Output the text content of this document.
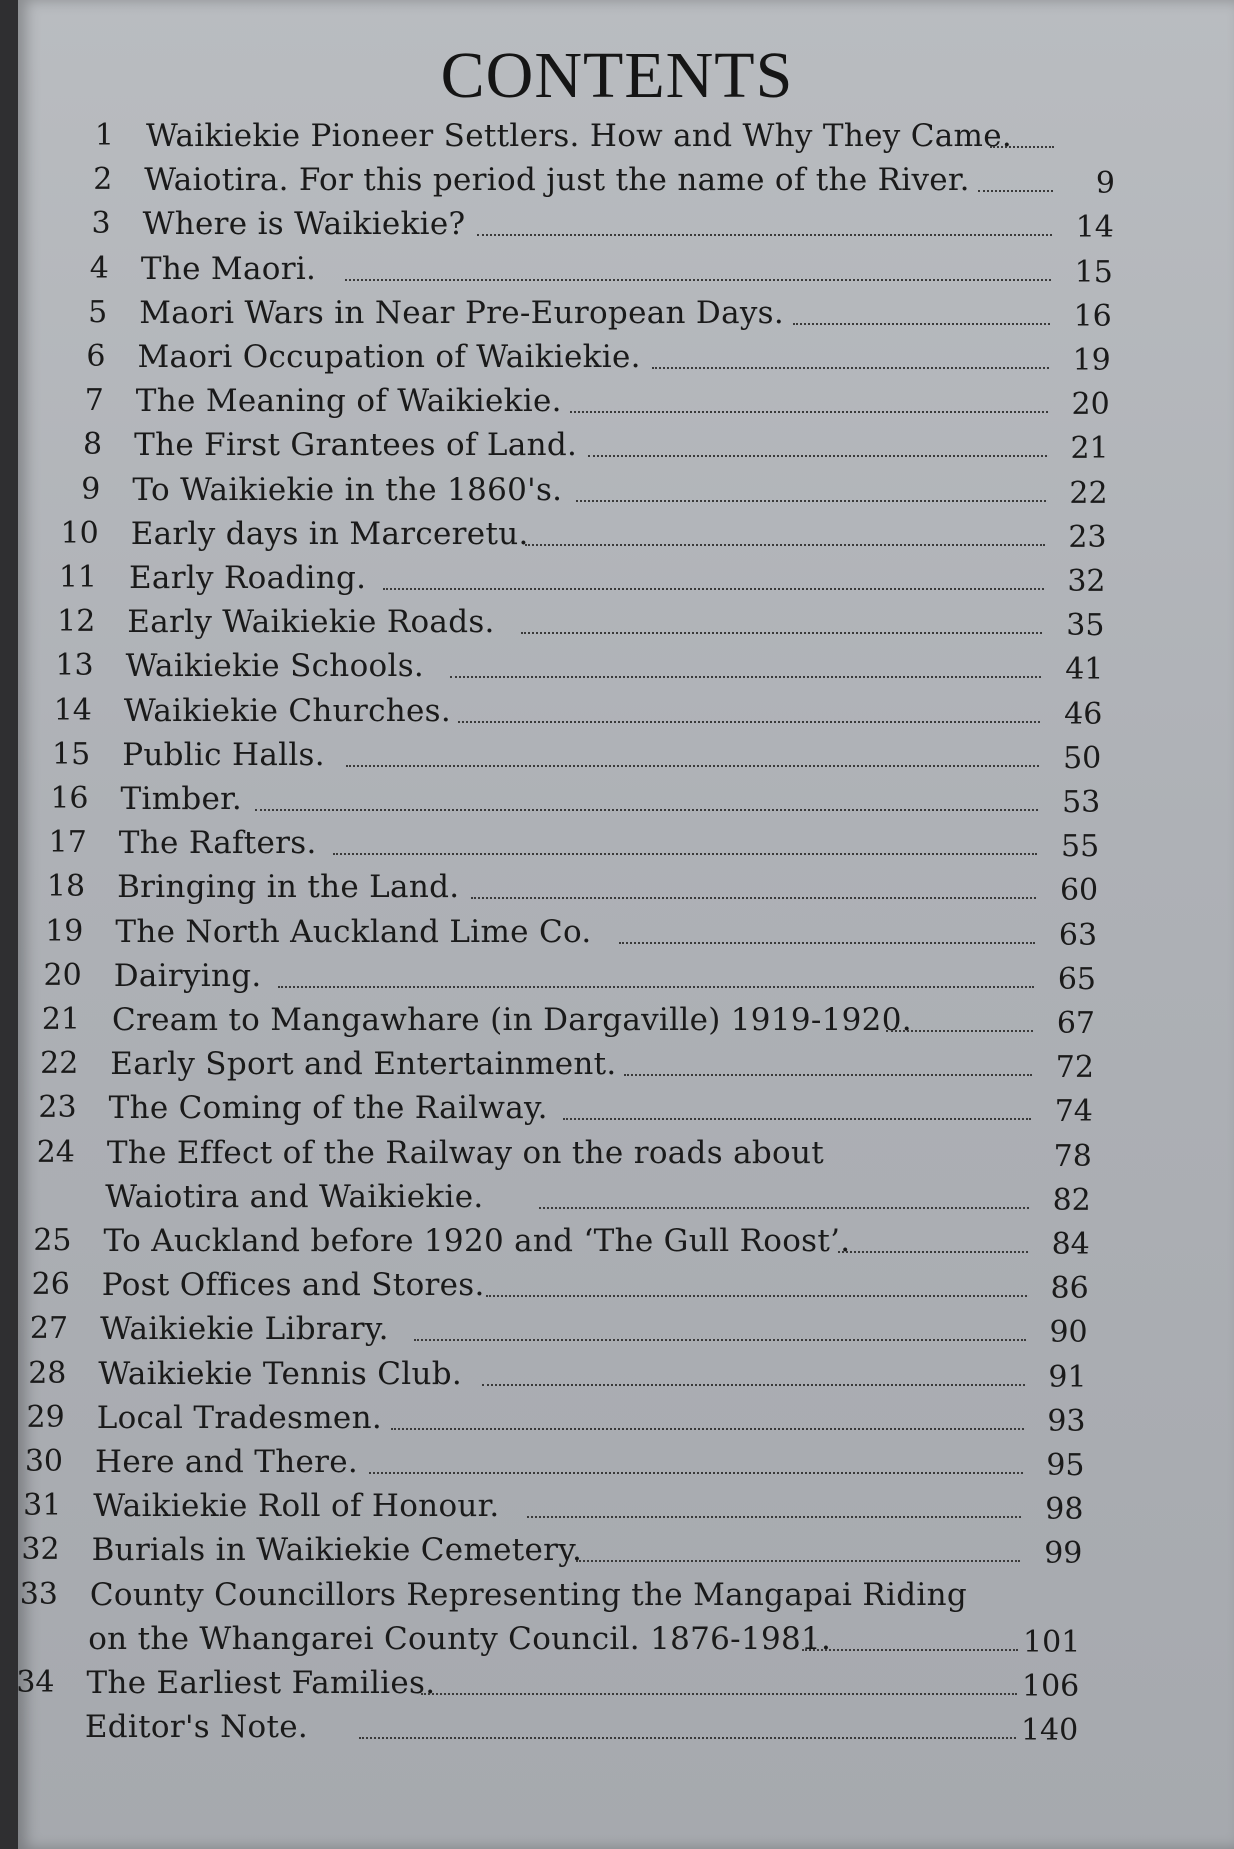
CONTENTS
1 Waikiekie Pioneer Settlers. How and Why They Came.
2 Waiotira. For this period just the name of the River.	9
3 Where is Waikiekie?	14
4 The Maori.	15
5 Maori Wars in Near Pre-European Days.	16
6 Maori Occupation of Waikiekie.	19
7 The Meaning of Waikiekie.	20
8 The First Grantees of Land.	21
9 To Waikiekie in the 1860's.	22
10 Early days in Marceretu.	23
11 Early Roading.	32
12 Early Waikiekie Roads.	35
13 Waikiekie Schools.	41
14 Waikiekie Churches.	46
15 Public Halls.	50
16 Timber.	53
17 The Rafters.	55
18 Bringing in the Land.	60
19 The North Auckland Lime Co.	63
20 Dairying.	65
21 Cream to Mangawhare (in Dargaville) 1919-1920.	67
22 Early Sport and Entertainment.	72
23 The Coming of the Railway.	74
24 The Effect of the Railway on the roads about	78
Waiotira and Waikiekie.	82
25 To Auckland before 1920 and ‘The Gull Roost’.	84
26 Post Offices and Stores.	86
27 Waikiekie Library.	90
28 Waikiekie Tennis Club.	91
29 Local Tradesmen.	93
30 Here and There.	95
31 Waikiekie Roll of Honour.	98
32 Burials in Waikiekie Cemetery.	99
33 County Councillors Representing the Mangapai Riding
on the Whangarei County Council. 1876-1981.	101
34 The Earliest Families.	106
Editor's Note.	140
